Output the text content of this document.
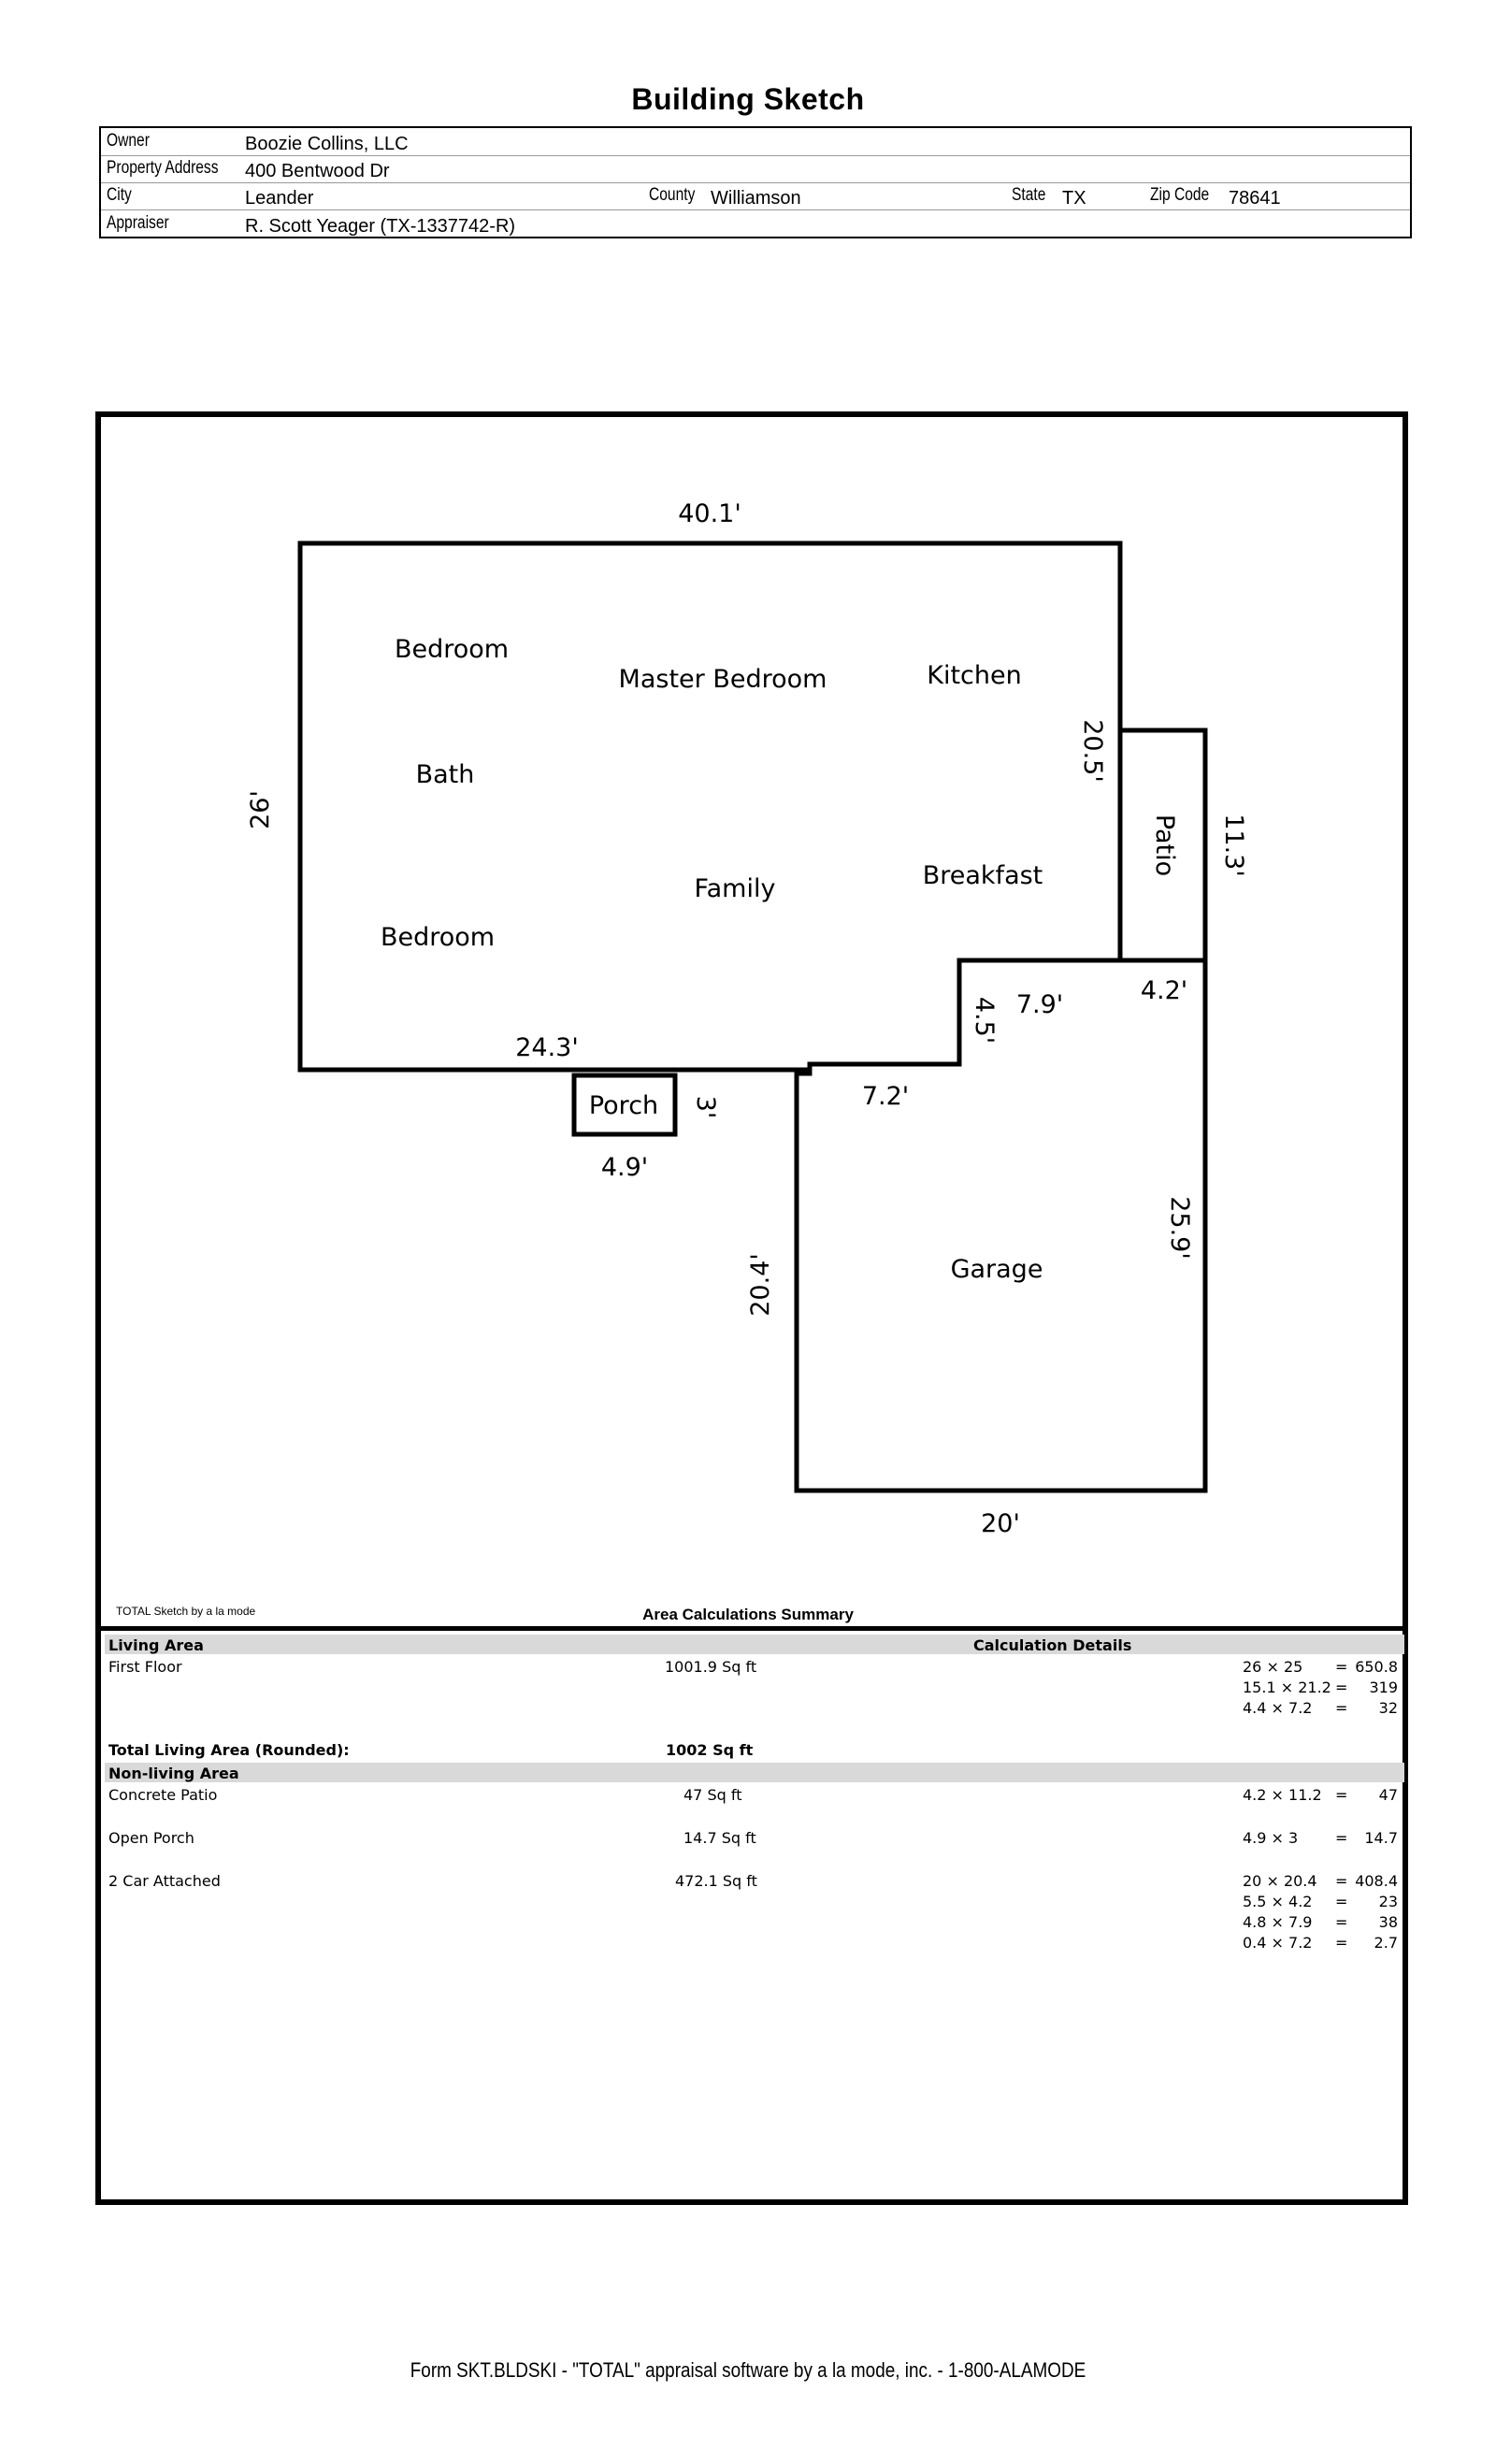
Building Sketch
Owner	Boozie Collins, LLC
Property Address 400 Bentwood Dr
City	Leander	County Williamson	State TX	Zip Code 78641
Appraiser	R. Scott Yeager (TX-1337742-R)
Bedroom
Master Bedroom	Kitchen
Bath
Breakfast
Family
Bedroom
Patio
Porch
Garage
40.1'
26'
20.5'
11.3'
4.2'
7.9'
4.5'
24.3'
3'
4.9'
7.2'
20.4'
25.9'
20'
TOTAL Sketch by a la mode	Area Calculations Summary
Living Area	Calculation Details
First Floor	1001.9 Sq ft	26 × 25 = 650.8
15.1 × 21.2 =	319
4.4 × 7.2 =	32
Total Living Area (Rounded):	1002 Sq ft
Non-living Area
Concrete Patio	47 Sq ft	4.2 × 11.2 =	47
Open Porch	14.7 Sq ft	4.9 × 3 =	14.7
2 Car Attached	472.1 Sq ft	20 × 20.4 = 408.4
5.5 × 4.2 =	23
4.8 × 7.9 =	38
0.4 × 7.2 =	2.7
Form SKT.BLDSKI - "TOTAL" appraisal software by a la mode, inc. - 1-800-ALAMODE
